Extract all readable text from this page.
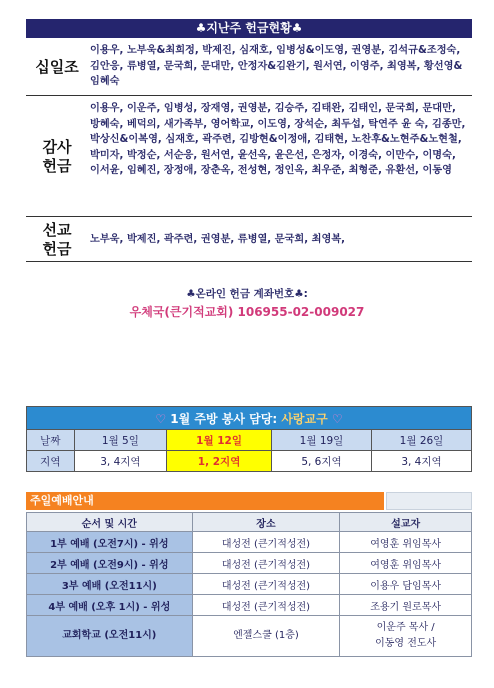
♣지난주 헌금현황♣
십일조
이용우, 노부욱&최희정, 박제진, 심재호, 임병성&이도영, 권영분, 김석규&조정숙, 김안응, 류병열, 문국희, 문대만, 안정자&김완기, 원서연, 이영주, 최영복, 황선영&임혜숙
감사
헌금
이용우, 이운주, 임병성, 장재영, 권영분, 김승주, 김태완, 김태인, 문국희, 문대만, 방혜숙, 베덕의, 새가족부, 영어학교, 이도영, 장석순, 최두섭, 탁연주 윤 숙, 김종만, 박상신&이복영, 심재호, 곽주련, 김방현&이정애, 김태현, 노찬후&노현주&노현철, 박미자, 박정순, 서순응, 원서연, 윤선옥, 윤은선, 은정자, 이경숙, 이만수, 이명숙, 이서윤, 임혜진, 장정애, 장춘옥, 전성현, 정인옥, 최우준, 최형준, 유환선, 이동영
선교
헌금
노부욱, 박제진, 곽주련, 권영분, 류병열, 문국희, 최영복,
♣온라인 헌금 계좌번호♣:
우체국(큰기적교회) 106955-02-009027
♡ 1월 주방 봉사 담당: 사랑교구 ♡				
날짜	1월 5일	1월 12일	1월 19일	1월 26일
지역	3, 4지역	1, 2지역	5, 6지역	3, 4지역
주일예배안내
순서 및 시간	장소	설교자
1부 예배 (오전7시) - 위성	대성전 (큰기적성전)	여영훈 위임목사
2부 예배 (오전9시) - 위성	대성전 (큰기적성전)	여영훈 위임목사
3부 예배 (오전11시)	대성전 (큰기적성전)	이용우 담임목사
4부 예배 (오후 1시) - 위성	대성전 (큰기적성전)	조용기 원로목사
교회학교 (오전11시)	엔젤스쿨 (1층)	이운주 목사 /
이동영 전도사
